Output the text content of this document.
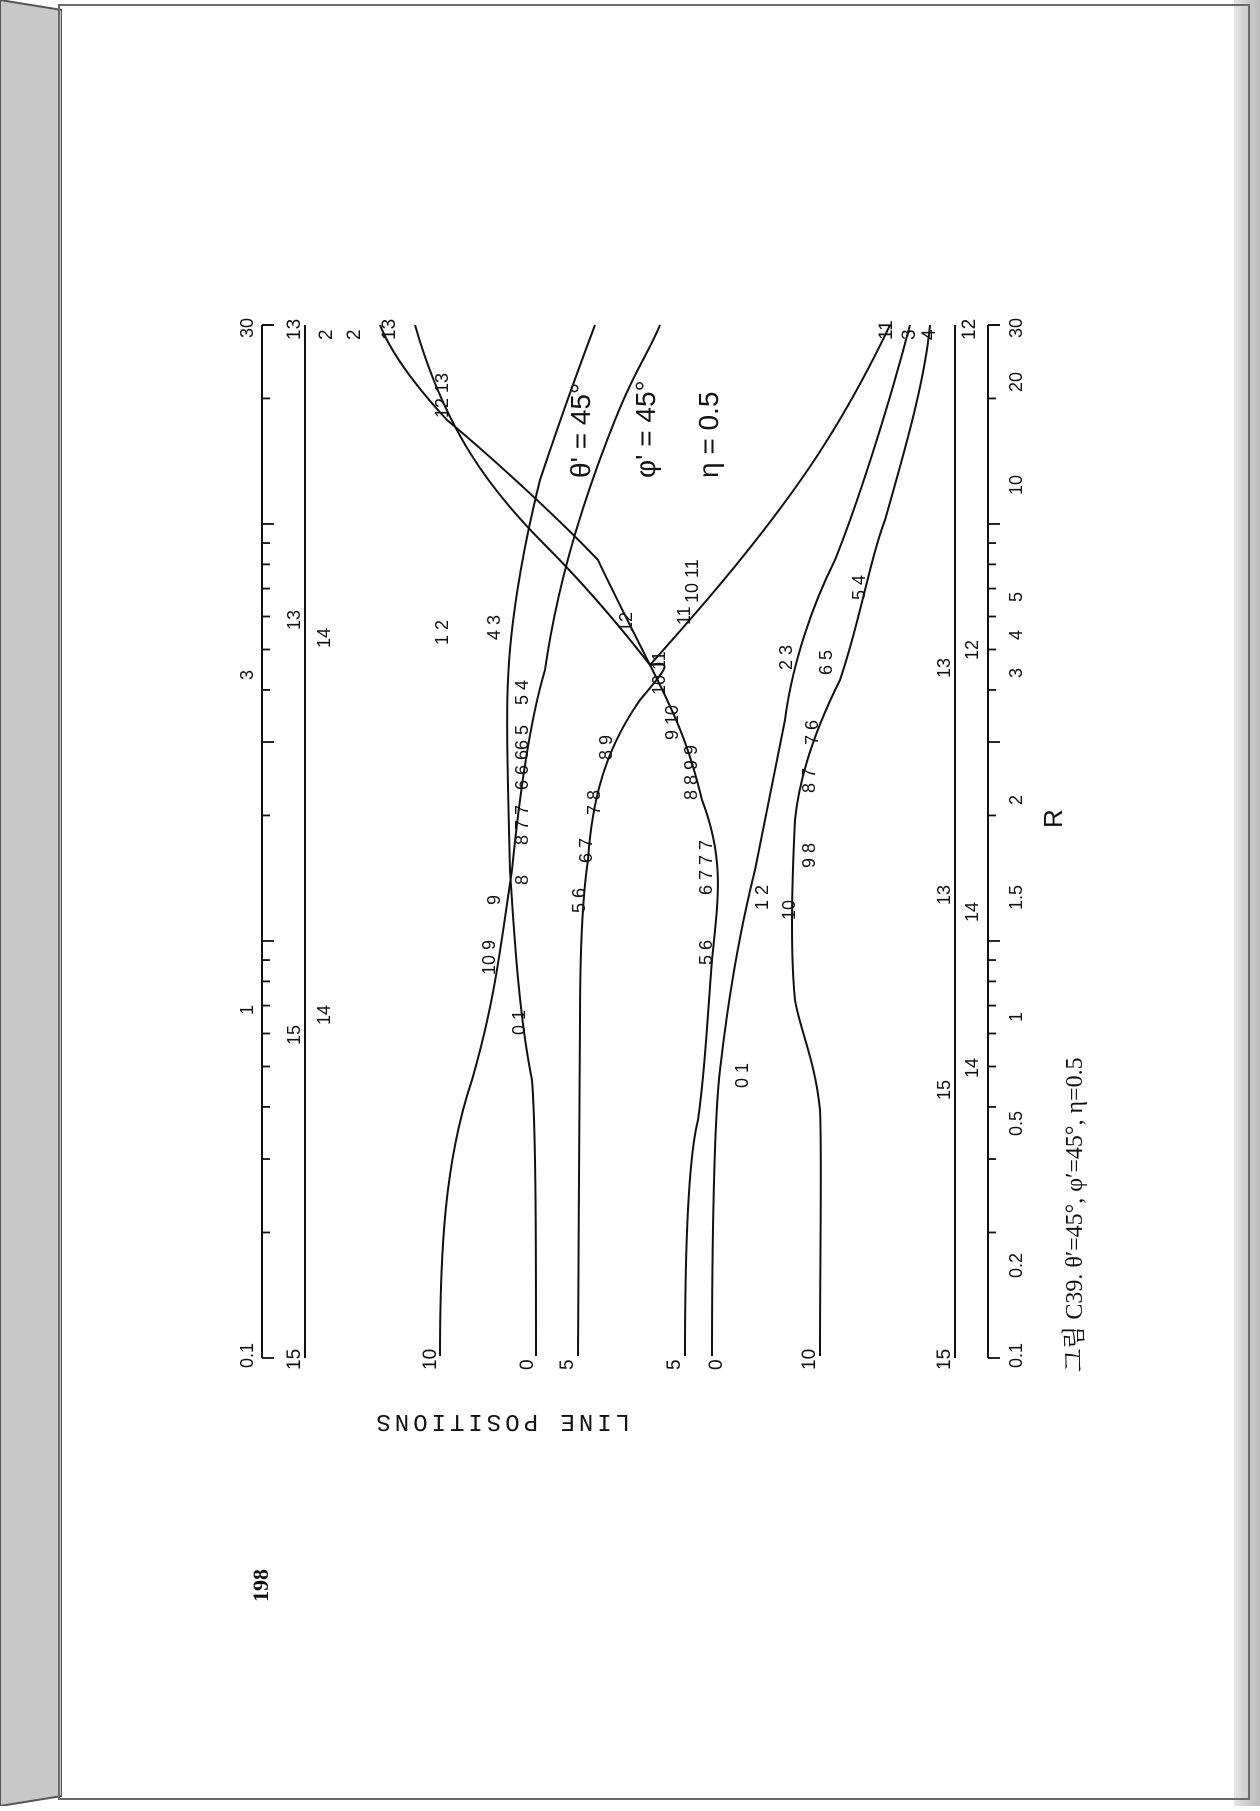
0.1
1
3
30
0.1
0.2
0.5
1
1.5
2
3
4
5
10
20
30
15	10	0 5	5 0	10	15
13 2 2 13	11 3 4 12
14
15
13
14
15
14
13
14
13
12
10 9
9
1 2
0 1
8
8 7 7
6 6 6
6 5
5 4
4 3
5 6
6 7
7 8
8 9
12
12 13
5 6
6 7 7 7
8 8 9 9
9 10
10 11
11
10 11
0 1
1 2
2 3
10
9 8
8 7
7 6
6 5
5 4
θ' = 45° φ' = 45° η = 0.5
LINE POSITIONS
R
그림 C39. θ′=45°, φ′=45°, η=0.5
198
